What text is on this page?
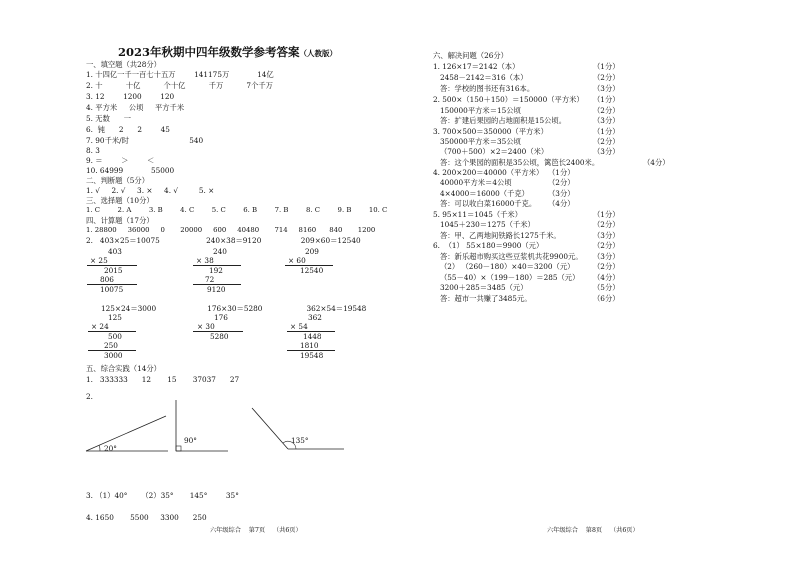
2023年秋期中四年级数学参考答案（人教版）
一、填空题（共28分）
1. 十四亿一千一百七十五万        141175万            14亿
2. 十          十亿          个十亿          千万          7个千万
3. 12        1200        120
4. 平方米     公顷     平方千米
5. 无数      一
6.  钝      2      2        45
7. 90千米/时                          540
8. 3
9. ＝        ＞        ＜
10. 64999            55000
二、判断题（5分）
1. √     2. √     3. ×     4. √         5. ×
三、选择题（10分）
1. C        2. A        3. B        4. C        5. C        6. B        7. B        8. C        9. B        10. C
四、计算题（17分）
1. 28800     36000     0       20000     600     40480       714     8160      840       1200
2.   403×25＝10075                    240×38＝9120                 209×60＝12540
403
× 25
2015
806
10075
240
× 38
192
72
9120
209
× 60
12540
125×24＝3000                      176×30＝5280                   362×54＝19548
125
× 24
500
250
3000
176
× 30
5280
362
× 54
1448
1810
19548
五、综合实践（14分）
1.   333333      12       15       37037      27
2.
20°
90°	135°
3. （1）40°      （2）35°       145°        35°
4. 1650       5500     3300      250
六年级综合    第7页    （共6页）
六、解决问题（26分）
1. 126×17＝2142（本）	（1分）
2458－2142＝316（本）	（2分）
答：学校的图书还有316本。	（3分）
2. 500×（150＋150）＝150000（平方米） （1分）
150000平方米＝15公顷	（2分）
答：扩建后果园的占地面积是15公顷。	（3分）
3. 700×500＝350000（平方米）	（1分）
350000平方米＝35公顷	（2分）
（700＋500）×2＝2400（米）	（3分）
答：这个果园的面积是35公顷，篱笆长2400米。	（4分）
4. 200×200＝40000（平方米） （1分）
40000平方米＝4公顷	（2分）
4×4000＝16000（千克）	（3分）
答：可以收白菜16000千克。 （4分）
5. 95×11＝1045（千米）	（1分）
1045＋230＝1275（千米）	（2分）
答：甲、乙两地间铁路长1275千米。	（3分）
6.  （1） 55×180＝9900（元）	（2分）
答：新乐超市购买这些豆浆机共花9900元。 （3分）
（2） （260－180）×40＝3200（元）	（2分）
（55－40）×（199－180）＝285（元） （4分）
3200＋285＝3485（元）	（5分）
答：超市一共赚了3485元。	（6分）
六年级综合    第8页    （共6页）
